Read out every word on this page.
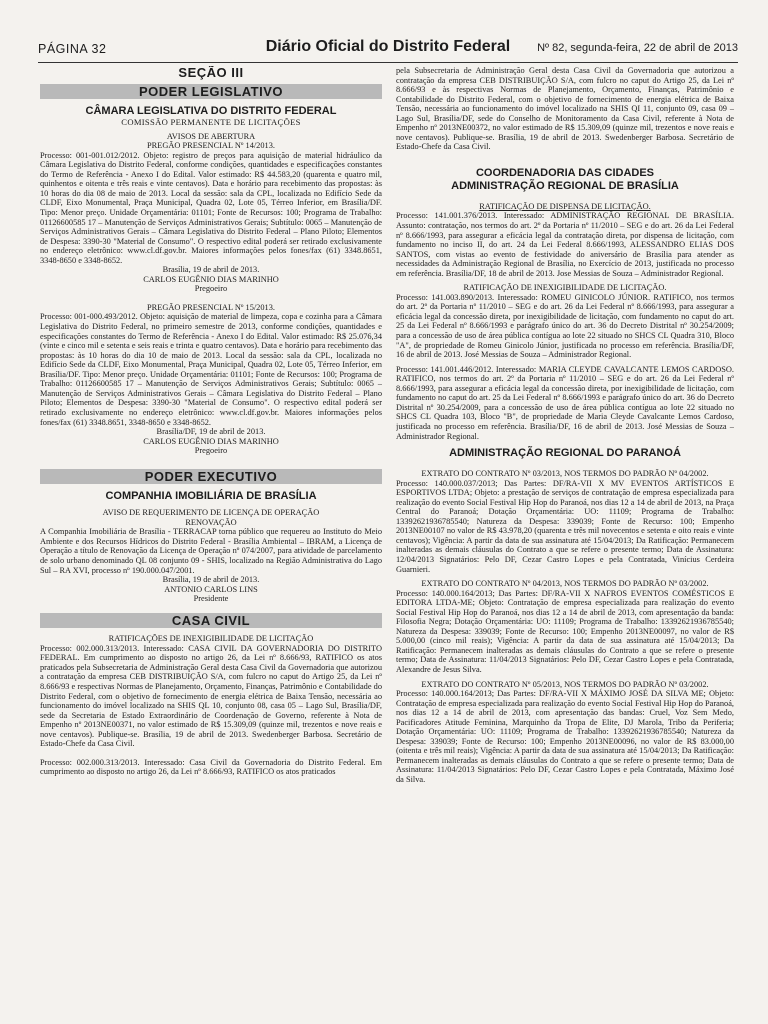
PÁGINA 32	Diário Oficial do Distrito Federal	Nº 82, segunda-feira, 22 de abril de 2013
SEÇÃO III
PODER LEGISLATIVO
CÂMARA LEGISLATIVA DO DISTRITO FEDERAL
COMISSÃO PERMANENTE DE LICITAÇÕES

AVISOS DE ABERTURA

PREGÃO PRESENCIAL Nº 14/2013.

Processo: 001-001.012/2012. Objeto: registro de preços para aquisição de material hidráulico da Câmara Legislativa do Distrito Federal, conforme condições, quantidades e especificações constantes do Termo de Referência - Anexo I do Edital. Valor estimado: R$ 44.583,20 (quarenta e quatro mil, quinhentos e oitenta e três reais e vinte centavos). Data e horário para recebimento das propostas: às 10 horas do dia 08 de maio de 2013. Local da sessão: sala da CPL, localizada no Edifício Sede da CLDF, Eixo Monumental, Praça Municipal, Quadra 02, Lote 05, Térreo Inferior, em Brasília/DF. Tipo: Menor preço. Unidade Orçamentária: 01101; Fonte de Recursos: 100; Programa de Trabalho: 01126600585 17 – Manutenção de Serviços Administrativos Gerais; Subtítulo: 0065 – Manutenção de Serviços Administrativos Gerais – Câmara Legislativa do Distrito Federal – Plano Piloto; Elementos de Despesa: 3390-30 "Material de Consumo". O respectivo edital poderá ser retirado exclusivamente no endereço eletrônico: www.cl.df.gov.br. Maiores informações pelos fones/fax (61) 3348.8651, 3348-8650 e 3348-8652.

Brasília, 19 de abril de 2013.

CARLOS EUGÊNIO DIAS MARINHO

Pregoeiro

PREGÃO PRESENCIAL Nº 15/2013.

Processo: 001-000.493/2012. Objeto: aquisição de material de limpeza, copa e cozinha para a Câmara Legislativa do Distrito Federal, no primeiro semestre de 2013, conforme condições, quantidades e especificações constantes do Termo de Referência - Anexo I do Edital. Valor estimado: R$ 25.076,34 (vinte e cinco mil e setenta e seis reais e trinta e quatro centavos). Data e horário para recebimento das propostas: às 10 horas do dia 10 de maio de 2013. Local da sessão: sala da CPL, localizada no Edifício Sede da CLDF, Eixo Monumental, Praça Municipal, Quadra 02, Lote 05, Térreo Inferior, em Brasília/DF. Tipo: Menor preço. Unidade Orçamentária: 01101; Fonte de Recursos: 100; Programa de Trabalho: 01126600585 17 – Manutenção de Serviços Administrativos Gerais; Subtítulo: 0065 – Manutenção de Serviços Administrativos Gerais – Câmara Legislativa do Distrito Federal – Plano Piloto; Elementos de Despesa: 3390-30 "Material de Consumo". O respectivo edital poderá ser retirado exclusivamente no endereço eletrônico: www.cl.df.gov.br. Maiores informações pelos fones/fax (61) 3348.8651, 3348-8650 e 3348-8652.

Brasília/DF, 19 de abril de 2013.

CARLOS EUGÊNIO DIAS MARINHO

Pregoeiro

PODER EXECUTIVO
COMPANHIA IMOBILIÁRIA DE BRASÍLIA

AVISO DE REQUERIMENTO DE LICENÇA DE OPERAÇÃO

RENOVAÇÃO

A Companhia Imobiliária de Brasília - TERRACAP torna público que requereu ao Instituto do Meio Ambiente e dos Recursos Hídricos do Distrito Federal - Brasília Ambiental – IBRAM, a Licença de Operação a título de Renovação da Licença de Operação nº 074/2007, para atividade de parcelamento de solo urbano denominado QL 08 conjunto 09 - SHIS, localizado na Região Administrativa do Lago Sul – RA XVI, processo nº 190.000.047/2001.

Brasília, 19 de abril de 2013.

ANTONIO CARLOS LINS

Presidente

CASA CIVIL

RATIFICAÇÕES DE INEXIGIBILIDADE DE LICITAÇÃO

Processo: 002.000.313/2013. Interessado: CASA CIVIL DA GOVERNADORIA DO DISTRITO FEDERAL. Em cumprimento ao disposto no artigo 26, da Lei nº 8.666/93, RATIFICO os atos praticados pela Subsecretaria de Administração Geral desta Casa Civil da Governadoria que autorizou a contratação da empresa CEB DISTRIBUIÇÃO S/A, com fulcro no caput do Artigo 25, da Lei nº 8.666/93 e respectivas Normas de Planejamento, Orçamento, Finanças, Patrimônio e Contabilidade do Distrito Federal, com o objetivo de fornecimento de energia elétrica de Baixa Tensão, necessária ao funcionamento do imóvel localizado na SHIS QL 10, conjunto 08, casa 05 – Lago Sul, Brasília/DF, sede da Secretaria de Estado Extraordinário de Coordenação de Governo, referente à Nota de Empenho nº 2013NE00371, no valor estimado de R$ 15.309,09 (quinze mil, trezentos e nove reais e nove centavos). Publique-se. Brasília, 19 de abril de 2013. Swedenberger Barbosa. Secretário de Estado-Chefe da Casa Civil.

Processo: 002.000.313/2013. Interessado: Casa Civil da Governadoria do Distrito Federal. Em cumprimento ao disposto no artigo 26, da Lei nº 8.666/93, RATIFICO os atos praticados

pela Subsecretaria de Administração Geral desta Casa Civil da Governadoria que autorizou a contratação da empresa CEB DISTRIBUIÇÃO S/A, com fulcro no caput do Artigo 25, da Lei nº 8.666/93 e às respectivas Normas de Planejamento, Orçamento, Finanças, Patrimônio e Contabilidade do Distrito Federal, com o objetivo de fornecimento de energia elétrica de Baixa Tensão, necessária ao funcionamento do imóvel localizado na SHIS QI 11, conjunto 09, casa 09 – Lago Sul, Brasília/DF, sede do Conselho de Monitoramento da Casa Civil, referente à Nota de Empenho nº 2013NE00372, no valor estimado de R$ 15.309,09 (quinze mil, trezentos e nove reais e nove centavos). Publique-se. Brasília, 19 de abril de 2013. Swedenberger Barbosa. Secretário de Estado-Chefe da Casa Civil.

COORDENADORIA DAS CIDADES
ADMINISTRAÇÃO REGIONAL DE BRASÍLIA

RATIFICAÇÃO DE DISPENSA DE LICITAÇÃO.

Processo: 141.001.376/2013. Interessado: ADMINISTRAÇÃO REGIONAL DE BRASÍLIA. Assunto: contratação, nos termos do art. 2º da Portaria nº 11/2010 – SEG e do art. 26 da Lei Federal nº 8.666/1993, para assegurar a eficácia legal da contratação direta, por dispensa de licitação, com fundamento no inciso II, do art. 24 da Lei Federal 8.666/1993, ALESSANDRO ELIAS DOS SANTOS, com vistas ao evento de festividade do aniversário de Brasília para atender as necessidades da Administração Regional de Brasília, no Exercício de 2013, justificada no processo em referência. Brasília/DF, 18 de abril de 2013. Jose Messias de Souza – Administrador Regional.

RATIFICAÇÃO DE INEXIGIBILIDADE DE LICITAÇÃO.

Processo: 141.003.890/2013. Interessado: ROMEU GINICOLO JÚNIOR. RATIFICO, nos termos do art. 2º da Portaria nº 11/2010 – SEG e do art. 26 da Lei Federal nº 8.666/1993, para assegurar a eficácia legal da concessão direta, por inexigibilidade de licitação, com fundamento no caput do art. 25 da Lei Federal nº 8.666/1993 e parágrafo único do art. 36 do Decreto Distrital nº 30.254/2009; para a concessão de uso de área pública contígua ao lote 22 situado no SHCS CL Quadra 310, Bloco "A", de propriedade de Romeu Ginicolo Júnior, justificada no processo em referência. Brasília/DF, 16 de abril de 2013. José Messias de Souza – Administrador Regional.

Processo: 141.001.446/2012. Interessado: MARIA CLEYDE CAVALCANTE LEMOS CARDOSO. RATIFICO, nos termos do art. 2º da Portaria nº 11/2010 – SEG e do art. 26 da Lei Federal nº 8.666/1993, para assegurar a eficácia legal da concessão direta, por inexigibilidade de licitação, com fundamento no caput do art. 25 da Lei Federal nº 8.666/1993 e parágrafo único do art. 36 do Decreto Distrital nº 30.254/2009, para a concessão de uso de área pública contígua ao lote 22 situado no SHCS CL Quadra 103, Bloco "B", de propriedade de Maria Cleyde Cavalcante Lemos Cardoso, justificada no processo em referência. Brasília/DF, 16 de abril de 2013. José Messias de Souza – Administrador Regional.

ADMINISTRAÇÃO REGIONAL DO PARANOÁ

EXTRATO DO CONTRATO Nº 03/2013, NOS TERMOS DO PADRÃO Nº 04/2002.

Processo: 140.000.037/2013; Das Partes: DF/RA-VII X MV EVENTOS ARTÍSTICOS E ESPORTIVOS LTDA; Objeto: a prestação de serviços de contratação de empresa especializada para realização do evento Social Festival Hip Hop do Paranoá, nos dias 12 a 14 de abril de 2013, na Praça Central do Paranoá; Dotação Orçamentária: UO: 11109; Programa de Trabalho: 13392621936785540; Natureza da Despesa: 339039; Fonte de Recurso: 100; Empenho 2013NE00107 no valor de R$ 43.978,20 (quarenta e três mil novecentos e setenta e oito reais e vinte centavos); Vigência: A partir da data de sua assinatura até 15/04/2013; Da Ratificação: Permanecem inalteradas as demais cláusulas do Contrato a que se refere o presente termo; Data de Assinatura: 12/04/2013 Signatários: Pelo DF, Cezar Castro Lopes e pela Contratada, Vinícius Cerdeira Guarnieri.

EXTRATO DO CONTRATO Nº 04/2013, NOS TERMOS DO PADRÃO Nº 03/2002.

Processo: 140.000.164/2013; Das Partes: DF/RA-VII X NAFROS EVENTOS COMÉSTICOS E EDITORA LTDA-ME; Objeto: Contratação de empresa especializada para realização do evento Social Festival Hip Hop do Paranoá, nos dias 12 a 14 de abril de 2013, com apresentação da banda: Filosofia Negra; Dotação Orçamentária: UO: 11109; Programa de Trabalho: 13392621936785540; Natureza da Despesa: 339039; Fonte de Recurso: 100; Empenho 2013NE00097, no valor de R$ 5.000,00 (cinco mil reais); Vigência: A partir da data de sua assinatura até 15/04/2013; Da Ratificação: Permanecem inalteradas as demais cláusulas do Contrato a que se refere o presente termo; Data de Assinatura: 11/04/2013 Signatários: Pelo DF, Cezar Castro Lopes e pela Contratada, Alexandre de Jesus Silva.

EXTRATO DO CONTRATO Nº 05/2013, NOS TERMOS DO PADRÃO Nº 03/2002.

Processo: 140.000.164/2013; Das Partes: DF/RA-VII X MÁXIMO JOSÉ DA SILVA ME; Objeto: Contratação de empresa especializada para realização do evento Social Festival Hip Hop do Paranoá, nos dias 12 a 14 de abril de 2013, com apresentação das bandas: Cruel, Voz Sem Medo, Pacificadores Atitude Feminina, Marquinho da Tropa de Elite, DJ Marola, Tribo da Periferia; Dotação Orçamentária: UO: 11109; Programa de Trabalho: 13392621936785540; Natureza da Despesa: 339039; Fonte de Recurso: 100; Empenho 2013NE00096, no valor de R$ 83.000,00 (oitenta e três mil reais); Vigência: A partir da data de sua assinatura até 15/04/2013; Da Ratificação: Permanecem inalteradas as demais cláusulas do Contrato a que se refere o presente termo; Data de Assinatura: 11/04/2013 Signatários: Pelo DF, Cezar Castro Lopes e pela Contratada, Máximo José da Silva.
